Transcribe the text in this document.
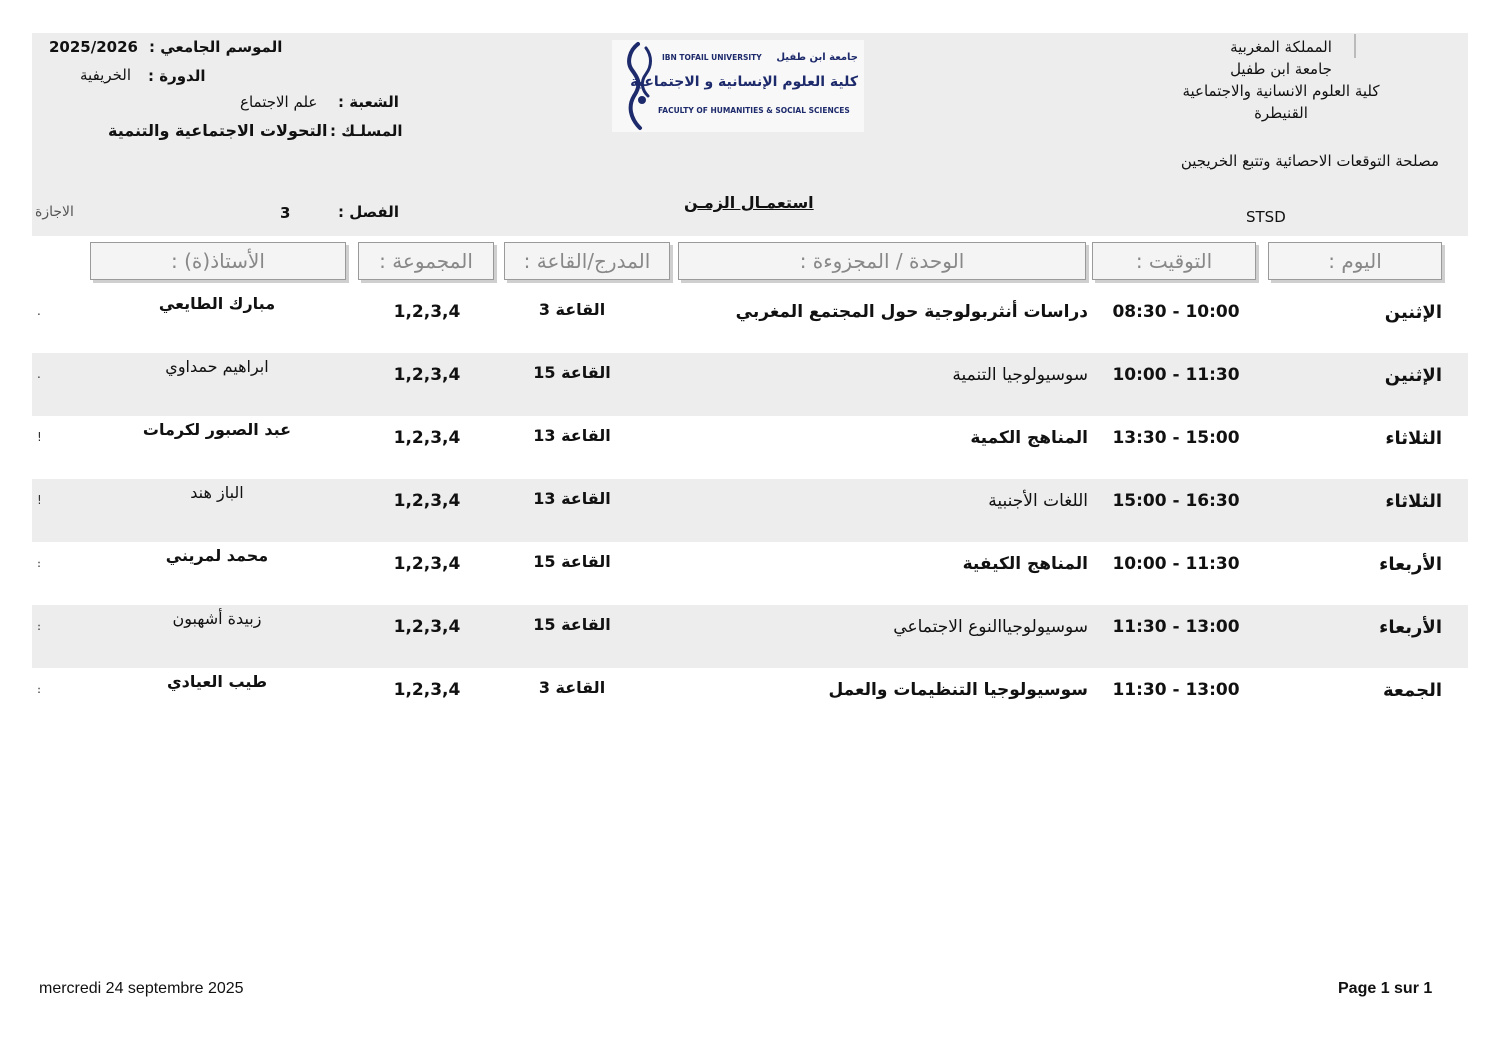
المملكة المغربية
جامعة ابن طفيل
كلية العلوم الانسانية والاجتماعية
القنيطرة
مصلحة التوقعات الاحصائية وتتبع الخريجين
STSD
IBN TOFAIL UNIVERSITY جامعة ابن طفيل
كلية العلوم الإنسانية و الاجتماعية
FACULTY OF HUMANITIES & SOCIAL SCIENCES
الموسم الجامعي :
2025/2026
الدورة :
الخريفية
الشعبة :
علم الاجتماع
المسلـك :
التحولات الاجتماعية والتنمية
الفصل :
3
الاجازة	استعمـال الزمـن
اليوم :
التوقيت :
الوحدة / المجزوءة :
المدرج/القاعة :
المجموعة :
الأستاذ(ة) :
.	مبارك الطايعي	1,2,3,4	القاعة 3	دراسات أنثربولوجية حول المجتمع المغربي 08:30 - 10:00	الإثنين
.	ابراهيم حمداوي	1,2,3,4	القاعة 15	سوسيولوجيا التنمية 10:00 - 11:30	الإثنين
!	عبد الصبور لكرمات	1,2,3,4	القاعة 13	المناهج الكمية 13:30 - 15:00	الثلاثاء
!	الباز هند	1,2,3,4	القاعة 13	اللغات الأجنبية 15:00 - 16:30	الثلاثاء
։	محمد لمريني	1,2,3,4	القاعة 15	المناهج الكيفية 10:00 - 11:30	الأربعاء
։	زبيدة أشهبون	1,2,3,4	القاعة 15	سوسيولوجياالنوع الاجتماعي 11:30 - 13:00	الأربعاء
։	طيب العيادي	1,2,3,4	القاعة 3	سوسيولوجيا التنظيمات والعمل 11:30 - 13:00	الجمعة
mercredi 24 septembre 2025	Page 1 sur 1
